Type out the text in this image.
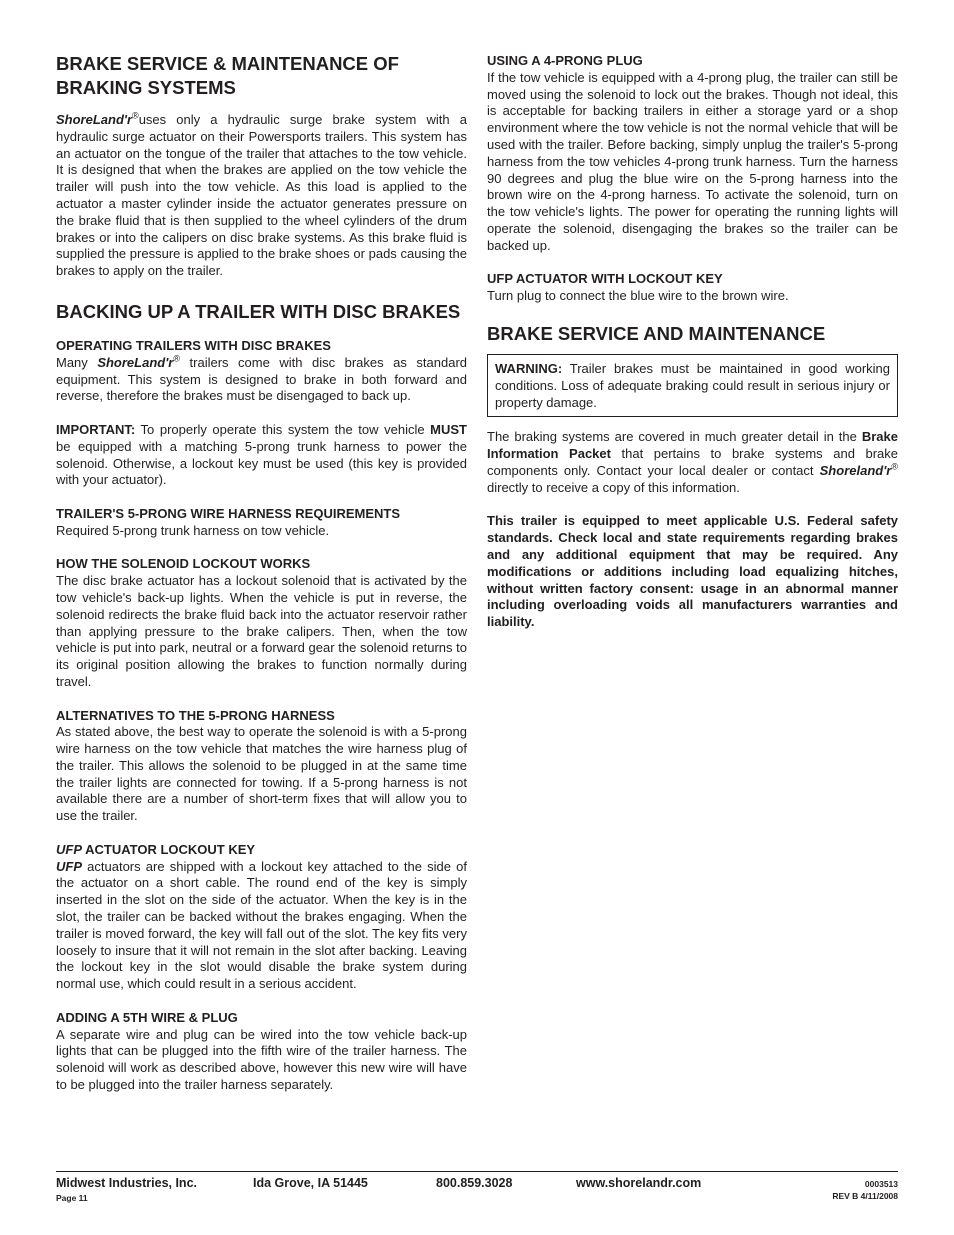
BRAKE SERVICE & MAINTENANCE OF BRAKING SYSTEMS

ShoreLand'r®uses only a hydraulic surge brake system with a hydraulic surge actuator on their Powersports trailers. This system has an actuator on the tongue of the trailer that attaches to the tow vehicle. It is designed that when the brakes are applied on the tow vehicle the trailer will push into the tow vehicle. As this load is applied to the actuator a master cylinder inside the actuator generates pressure on the brake fluid that is then supplied to the wheel cylinders of the drum brakes or into the calipers on disc brake systems. As this brake fluid is supplied the pressure is applied to the brake shoes or pads causing the brakes to apply on the trailer.

BACKING UP A TRAILER WITH DISC BRAKES
OPERATING TRAILERS WITH DISC BRAKES

Many ShoreLand'r® trailers come with disc brakes as standard equipment. This system is designed to brake in both forward and reverse, therefore the brakes must be disengaged to back up.

IMPORTANT: To properly operate this system the tow vehicle MUST be equipped with a matching 5-prong trunk harness to power the solenoid. Otherwise, a lockout key must be used (this key is provided with your actuator).

TRAILER'S 5-PRONG WIRE HARNESS REQUIREMENTS

Required 5-prong trunk harness on tow vehicle.

HOW THE SOLENOID LOCKOUT WORKS

The disc brake actuator has a lockout solenoid that is activated by the tow vehicle's back-up lights. When the vehicle is put in reverse, the solenoid redirects the brake fluid back into the actuator reservoir rather than applying pressure to the brake calipers. Then, when the tow vehicle is put into park, neutral or a forward gear the solenoid returns to its original position allowing the brakes to function normally during travel.

ALTERNATIVES TO THE 5-PRONG HARNESS

As stated above, the best way to operate the solenoid is with a 5-prong wire harness on the tow vehicle that matches the wire harness plug of the trailer. This allows the solenoid to be plugged in at the same time the trailer lights are connected for towing. If a 5-prong harness is not available there are a number of short-term fixes that will allow you to use the trailer.

UFP ACTUATOR LOCKOUT KEY

UFP actuators are shipped with a lockout key attached to the side of the actuator on a short cable. The round end of the key is simply inserted in the slot on the side of the actuator. When the key is in the slot, the trailer can be backed without the brakes engaging. When the trailer is moved forward, the key will fall out of the slot. The key fits very loosely to insure that it will not remain in the slot after backing. Leaving the lockout key in the slot would disable the brake system during normal use, which could result in a serious accident.

ADDING A 5TH WIRE & PLUG

A separate wire and plug can be wired into the tow vehicle back-up lights that can be plugged into the fifth wire of the trailer harness. The solenoid will work as described above, however this new wire will have to be plugged into the trailer harness separately.

USING A 4-PRONG PLUG

If the tow vehicle is equipped with a 4-prong plug, the trailer can still be moved using the solenoid to lock out the brakes. Though not ideal, this is acceptable for backing trailers in either a storage yard or a shop environment where the tow vehicle is not the normal vehicle that will be used with the trailer. Before backing, simply unplug the trailer's 5-prong harness from the tow vehicles 4-prong trunk harness. Turn the harness 90 degrees and plug the blue wire on the 5-prong harness into the brown wire on the 4-prong harness. To activate the solenoid, turn on the tow vehicle's lights. The power for operating the running lights will operate the solenoid, disengaging the brakes so the trailer can be backed up.

UFP ACTUATOR WITH LOCKOUT KEY

Turn plug to connect the blue wire to the brown wire.

BRAKE SERVICE AND MAINTENANCE

WARNING: Trailer brakes must be maintained in good working conditions. Loss of adequate braking could result in serious injury or property damage.

The braking systems are covered in much greater detail in the Brake Information Packet that pertains to brake systems and brake components only. Contact your local dealer or contact Shoreland'r® directly to receive a copy of this information.

This trailer is equipped to meet applicable U.S. Federal safety standards. Check local and state requirements regarding brakes and any additional equipment that may be required. Any modifications or additions including load equalizing hitches, without written factory consent: usage in an abnormal manner including overloading voids all manufacturers warranties and liability.

Midwest Industries, Inc.	Ida Grove, IA 51445	800.859.3028	www.shorelandr.com
Page 11
0003513
REV B 4/11/2008
